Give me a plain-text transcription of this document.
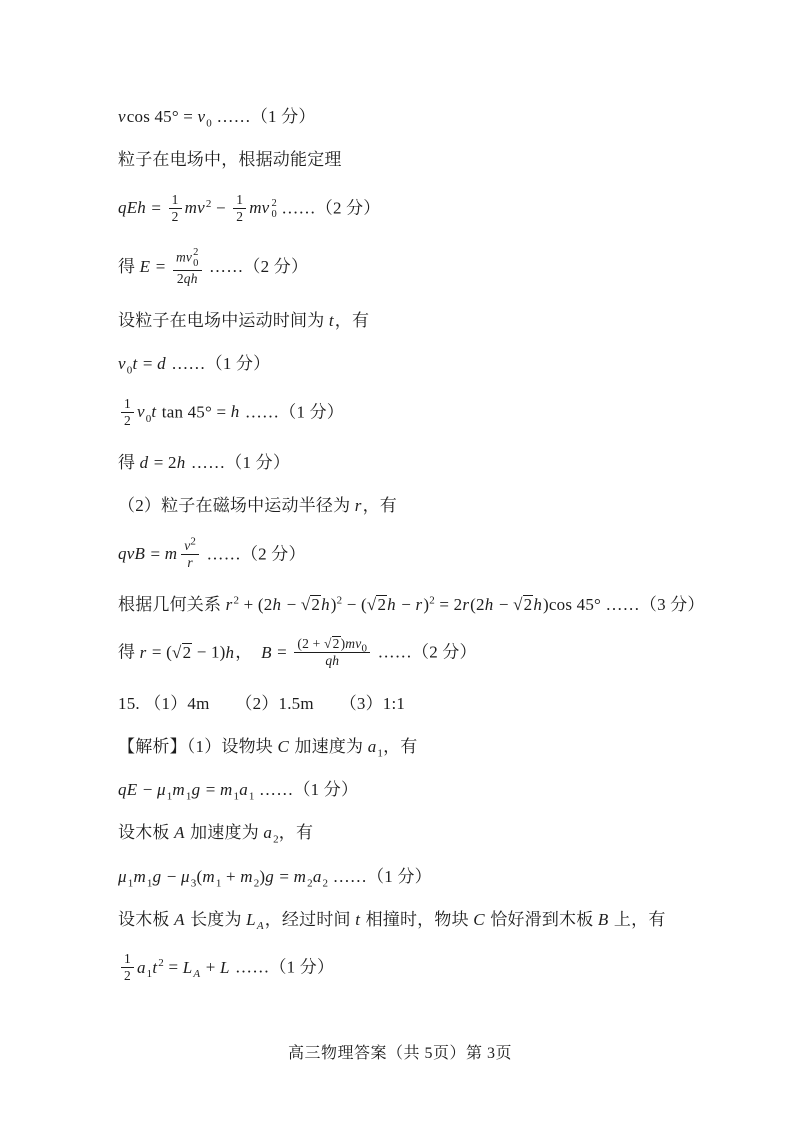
vcos $45^\circ = v_0$ ……（1 分）
粒子在电场中，根据动能定理
qEh = $\frac{1}{2} mv^2 - \frac{1}{2}$ mv 2
0 ……（2 分）
得 E = mv 2
0
2qh ……（2 分）
设粒子在电场中运动时间为 t，有
$v_0t = d$ ……（1 分）
$\frac{1}{2} v_0t$ tan 45° = h ……（1 分）
得 d = 2h ……（1 分）
（2）粒子在磁场中运动半径为 r，有
qvB = m $\frac{v^2}{r}$ ……（2 分）
根据几何关系 $r^2 + (2h - √2h)^2 - (√2h - r)^2 = 2r(2h - √2h)\cos$ 45° ……（3 分）
得 r = (√2 − 1)h，　$B = \frac{(2 + √2)mv_0}{qh}$ ……（2 分）
15. （1）4m　　（2）1.5m　　（3）1:1
【解析】（1）设物块 C 加速度为 $a_1$，有
qE − $\mu_1m_1g = m_1a_1$ ……（1 分）
设木板 A 加速度为 $a_2$，有
$\mu_1m_1g - \mu_3(m_1 + m_2)g = m_2a_2$ ……（1 分）
设木板 A 长度为 $L_A$，经过时间 t 相撞时，物块 C 恰好滑到木板 B 上，有
$\frac{1}{2} a_1t^2 = L_A + L$ ……（1 分）
高三物理答案（共 5页）第 3页
